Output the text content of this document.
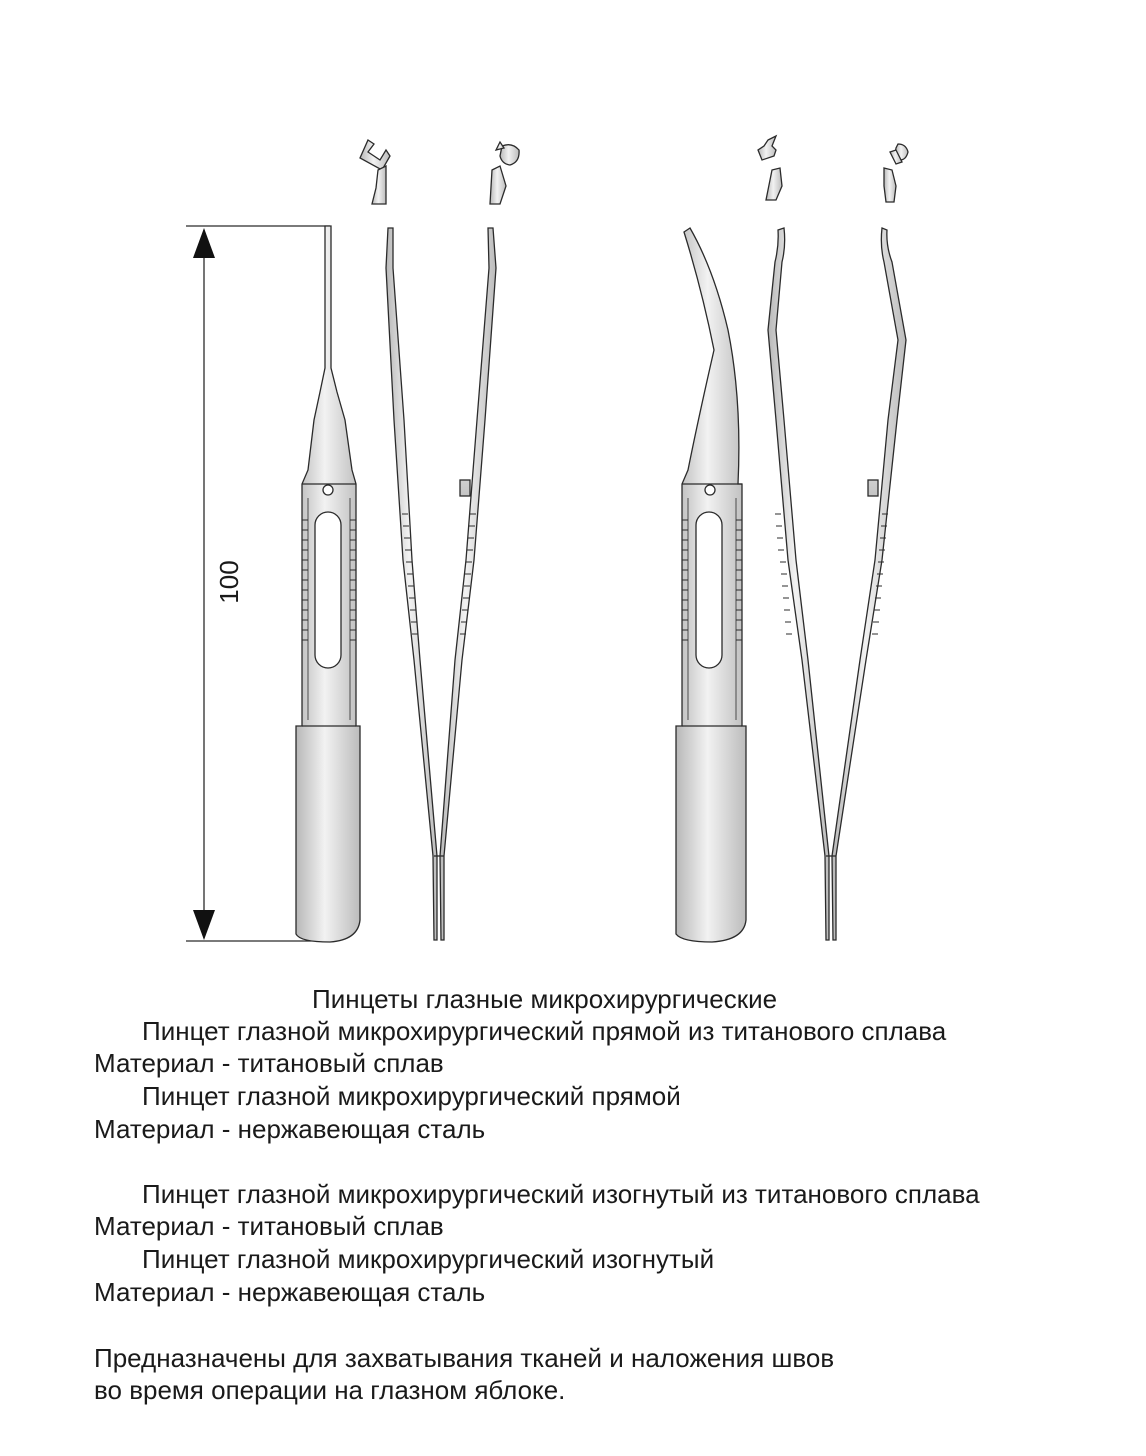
100
Пинцеты глазные микрохирургические
Пинцет глазной микрохирургический прямой из титанового сплава
Материал - титановый сплав
Пинцет глазной микрохирургический прямой
Материал - нержавеющая сталь
Пинцет глазной микрохирургический изогнутый из титанового сплава
Материал - титановый сплав
Пинцет глазной микрохирургический изогнутый
Материал - нержавеющая сталь
Предназначены для захватывания тканей и наложения швов
во время операции на глазном яблоке.
